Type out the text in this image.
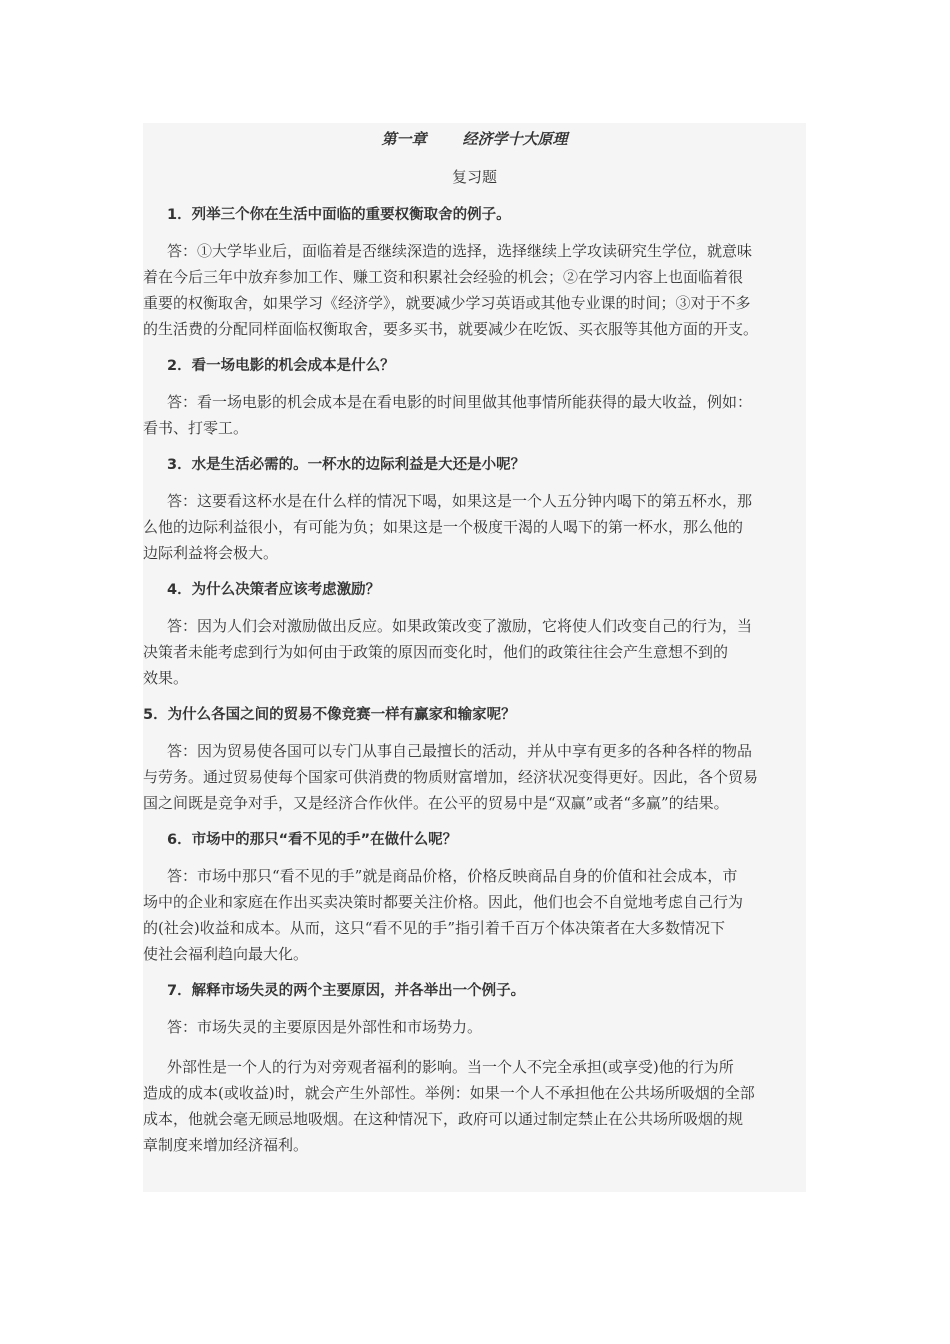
第一章 经济学十大原理
复习题

1．列举三个你在生活中面临的重要权衡取舍的例子。

答：①大学毕业后，面临着是否继续深造的选择，选择继续上学攻读研究生学位，就意味
着在今后三年中放弃参加工作、赚工资和积累社会经验的机会；②在学习内容上也面临着很
重要的权衡取舍，如果学习《经济学》，就要减少学习英语或其他专业课的时间；③对于不多
的生活费的分配同样面临权衡取舍，要多买书，就要减少在吃饭、买衣服等其他方面的开支。

2．看一场电影的机会成本是什么？

答：看一场电影的机会成本是在看电影的时间里做其他事情所能获得的最大收益，例如：
看书、打零工。

3．水是生活必需的。一杯水的边际利益是大还是小呢？

答：这要看这杯水是在什么样的情况下喝，如果这是一个人五分钟内喝下的第五杯水，那
么他的边际利益很小，有可能为负；如果这是一个极度干渴的人喝下的第一杯水，那么他的
边际利益将会极大。

4．为什么决策者应该考虑激励？

答：因为人们会对激励做出反应。如果政策改变了激励，它将使人们改变自己的行为，当
决策者未能考虑到行为如何由于政策的原因而变化时，他们的政策往往会产生意想不到的
效果。

5．为什么各国之间的贸易不像竞赛一样有赢家和输家呢？

答：因为贸易使各国可以专门从事自己最擅长的活动，并从中享有更多的各种各样的物品
与劳务。通过贸易使每个国家可供消费的物质财富增加，经济状况变得更好。因此，各个贸易
国之间既是竞争对手，又是经济合作伙伴。在公平的贸易中是“双赢”或者“多赢”的结果。

6．市场中的那只“看不见的手”在做什么呢？

答：市场中那只“看不见的手”就是商品价格，价格反映商品自身的价值和社会成本，市
场中的企业和家庭在作出买卖决策时都要关注价格。因此，他们也会不自觉地考虑自己行为
的(社会)收益和成本。从而，这只“看不见的手”指引着千百万个体决策者在大多数情况下
使社会福利趋向最大化。

7．解释市场失灵的两个主要原因，并各举出一个例子。

答：市场失灵的主要原因是外部性和市场势力。
外部性是一个人的行为对旁观者福利的影响。当一个人不完全承担(或享受)他的行为所
造成的成本(或收益)时，就会产生外部性。举例：如果一个人不承担他在公共场所吸烟的全部
成本，他就会毫无顾忌地吸烟。在这种情况下，政府可以通过制定禁止在公共场所吸烟的规
章制度来增加经济福利。
